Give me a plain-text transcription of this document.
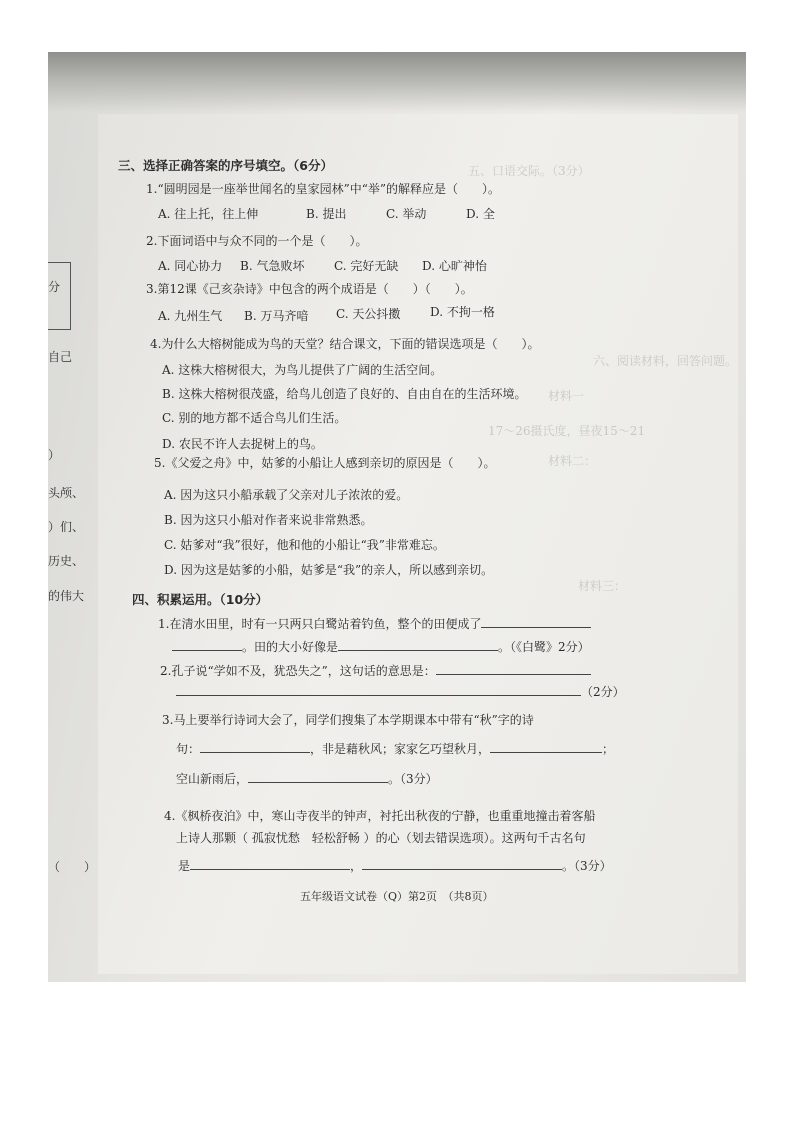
五、口语交际。（3分）
六、阅读材料，回答问题。
材料一
材料二：
材料三：
17～26摄氏度，昼夜15～21
分
自己
）
头颅、
）们、
历史、
的伟大
（　　）
三、选择正确答案的序号填空。（6分）
1.“圆明园是一座举世闻名的皇家园林”中“举”的解释应是（　　）。
A. 往上托，往上伸	B. 提出	C. 举动	D. 全
2.下面词语中与众不同的一个是（　　）。
A. 同心协力 B. 气急败坏 C. 完好无缺 D. 心旷神怡
3.第12课《己亥杂诗》中包含的两个成语是（　　）（　　）。
A. 九州生气 B. 万马齐喑 C. 天公抖擞 D. 不拘一格
4.为什么大榕树能成为鸟的天堂？结合课文，下面的错误选项是（　　）。
A. 这株大榕树很大，为鸟儿提供了广阔的生活空间。
B. 这株大榕树很茂盛，给鸟儿创造了良好的、自由自在的生活环境。
C. 别的地方都不适合鸟儿们生活。
D. 农民不许人去捉树上的鸟。
5.《父爱之舟》中，姑爹的小船让人感到亲切的原因是（　　）。
A. 因为这只小船承载了父亲对儿子浓浓的爱。
B. 因为这只小船对作者来说非常熟悉。
C. 姑爹对“我”很好，他和他的小船让“我”非常难忘。
D. 因为这是姑爹的小船，姑爹是“我”的亲人，所以感到亲切。
四、积累运用。（10分）
1.在清水田里，时有一只两只白鹭站着钓鱼，整个的田便成了
。田的大小好像是	。（《白鹭》2分）
2.孔子说“学如不及，犹恐失之”，这句话的意思是：
（2分）
3.马上要举行诗词大会了，同学们搜集了本学期课本中带有“秋”字的诗
句：	，非是藉秋风；家家乞巧望秋月，	；
空山新雨后，	。（3分）
4.《枫桥夜泊》中，寒山寺夜半的钟声，衬托出秋夜的宁静，也重重地撞击着客船
上诗人那颗（ 孤寂忧愁　轻松舒畅 ）的心（划去错误选项）。这两句千古名句
是	，	。（3分）
五年级语文试卷（Q）第2页　（共8页）
